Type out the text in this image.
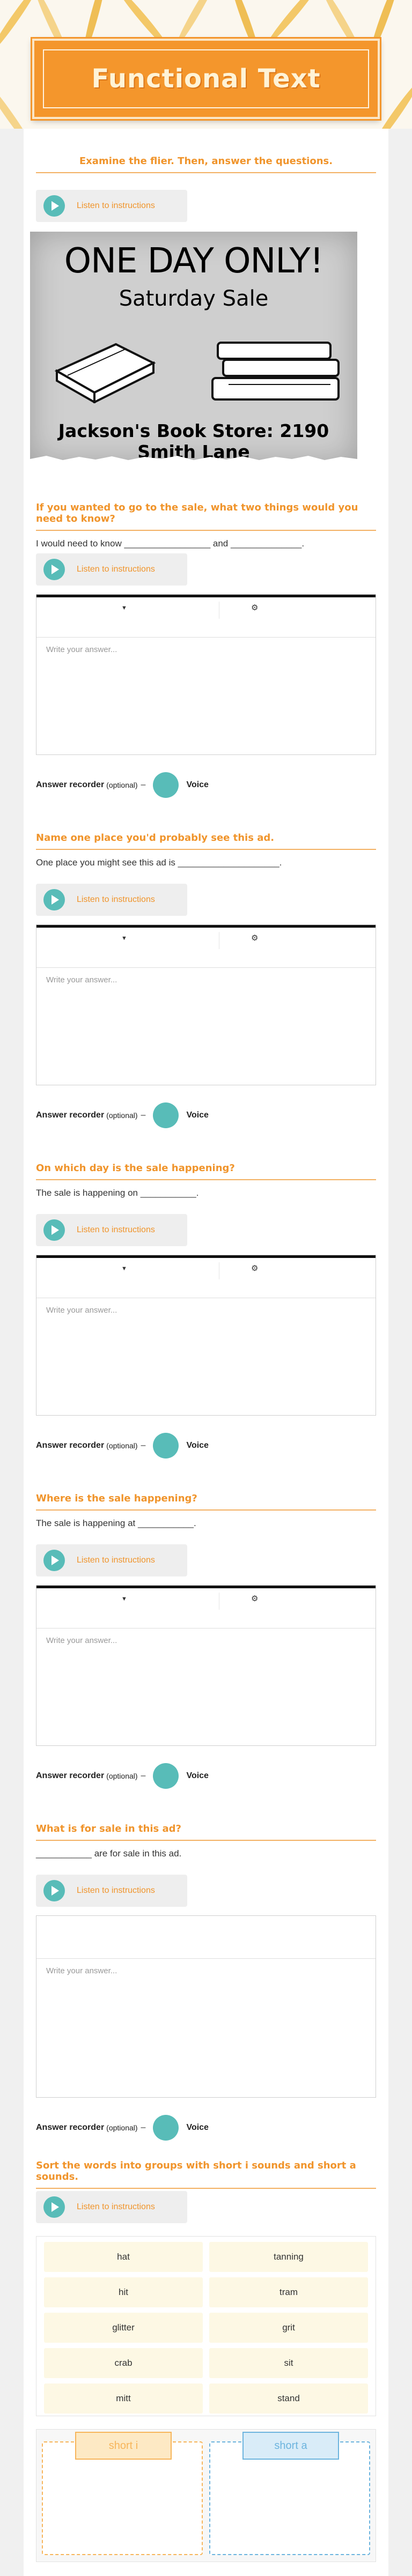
Functional Text
Examine the flier. Then, answer the questions.
Listen to instructions
ONE DAY ONLY!
Saturday Sale
Jackson's Book Store: 2190 Smith Lane
If you wanted to go to the sale, what two things would you need to know?
I would need to know _________________ and ______________.
Listen to instructions
▼	⚙
Write your answer...
Answer recorder (optional) –	Voice
Name one place you'd probably see this ad.
One place you might see this ad is ____________________.
Listen to instructions
▼	⚙
Write your answer...
Answer recorder (optional) –	Voice
On which day is the sale happening?
The sale is happening on ___________.
Listen to instructions
▼	⚙
Write your answer...
Answer recorder (optional) –	Voice
Where is the sale happening?
The sale is happening at ___________.
Listen to instructions
▼	⚙
Write your answer...
Answer recorder (optional) –	Voice
What is for sale in this ad?
___________ are for sale in this ad.
Listen to instructions
Write your answer...
Answer recorder (optional) –	Voice
Sort the words into groups with short i sounds and short a sounds.
Listen to instructions
hat	tanning
hit	tram
glitter	grit
crab	sit
mitt	stand
short i	short a
